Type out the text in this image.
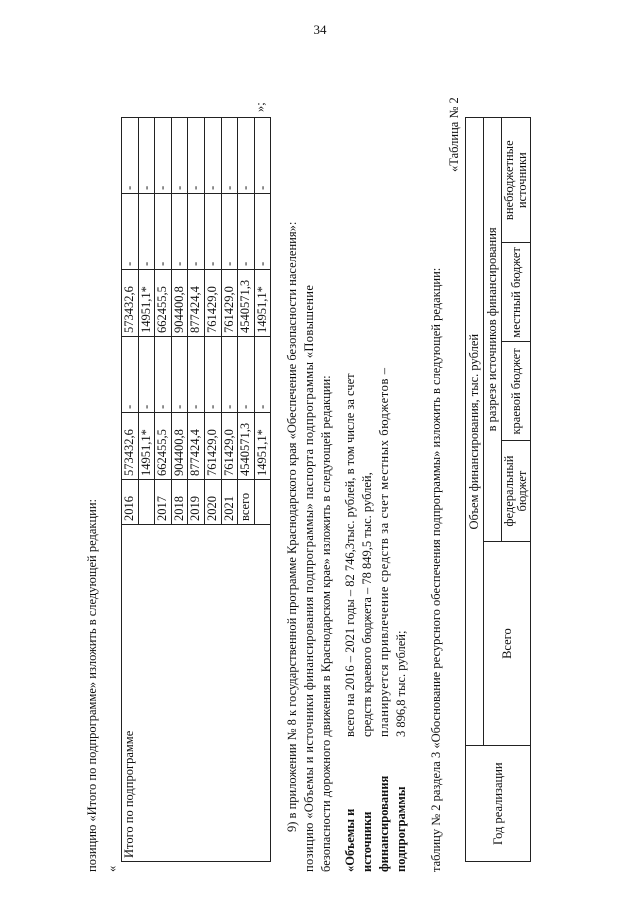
34
позицию «Итого по подпрограмме» изложить в следующей редакции: «
Итого по подпрограмме	2016	573432,6	-	573432,6	-	-
		14951,1*	-	14951,1*	-	-
	2017	662455,5	-	662455,5	-	-
	2018	904400,8	-	904400,8	-	-
	2019	877424,4	-	877424,4	-	-
	2020	761429,0	-	761429,0	-	-
	2021	761429,0	-	761429,0	-	-
	всего	4540571,3	-	4540571,3	-	-
		14951,1*	-	14951,1*	-	-
»;
9) в приложении № 8 к государственной программе Краснодарского края «Обеспечение безопасности населения»: позицию «Объемы и источники финансирования подпрограммы» паспорта подпрограммы «Повышение безопасности дорожного движения в Краснодарском крае» изложить в следующей редакции: «Объемы и источники финансирования подпрограммы
всего на 2016 – 2021 годы – 82 746,3тыс. рублей, в том числе за счет средств краевого бюджета – 78 849,5 тыс. рублей, планируется привлечение средств за счет местных бюджетов – 3 896,8 тыс. рублей; таблицу № 2 раздела 3 «Обоснование ресурсного обеспечения подпрограммы» изложить в следующей редакции:
«Таблица № 2
Год реализации	Объем финансирования, тыс. рублей				
	Всего	в разрезе источников финансирования			
		федеральный бюджет	краевой бюджет	местный бюджет	внебюджетные источники
